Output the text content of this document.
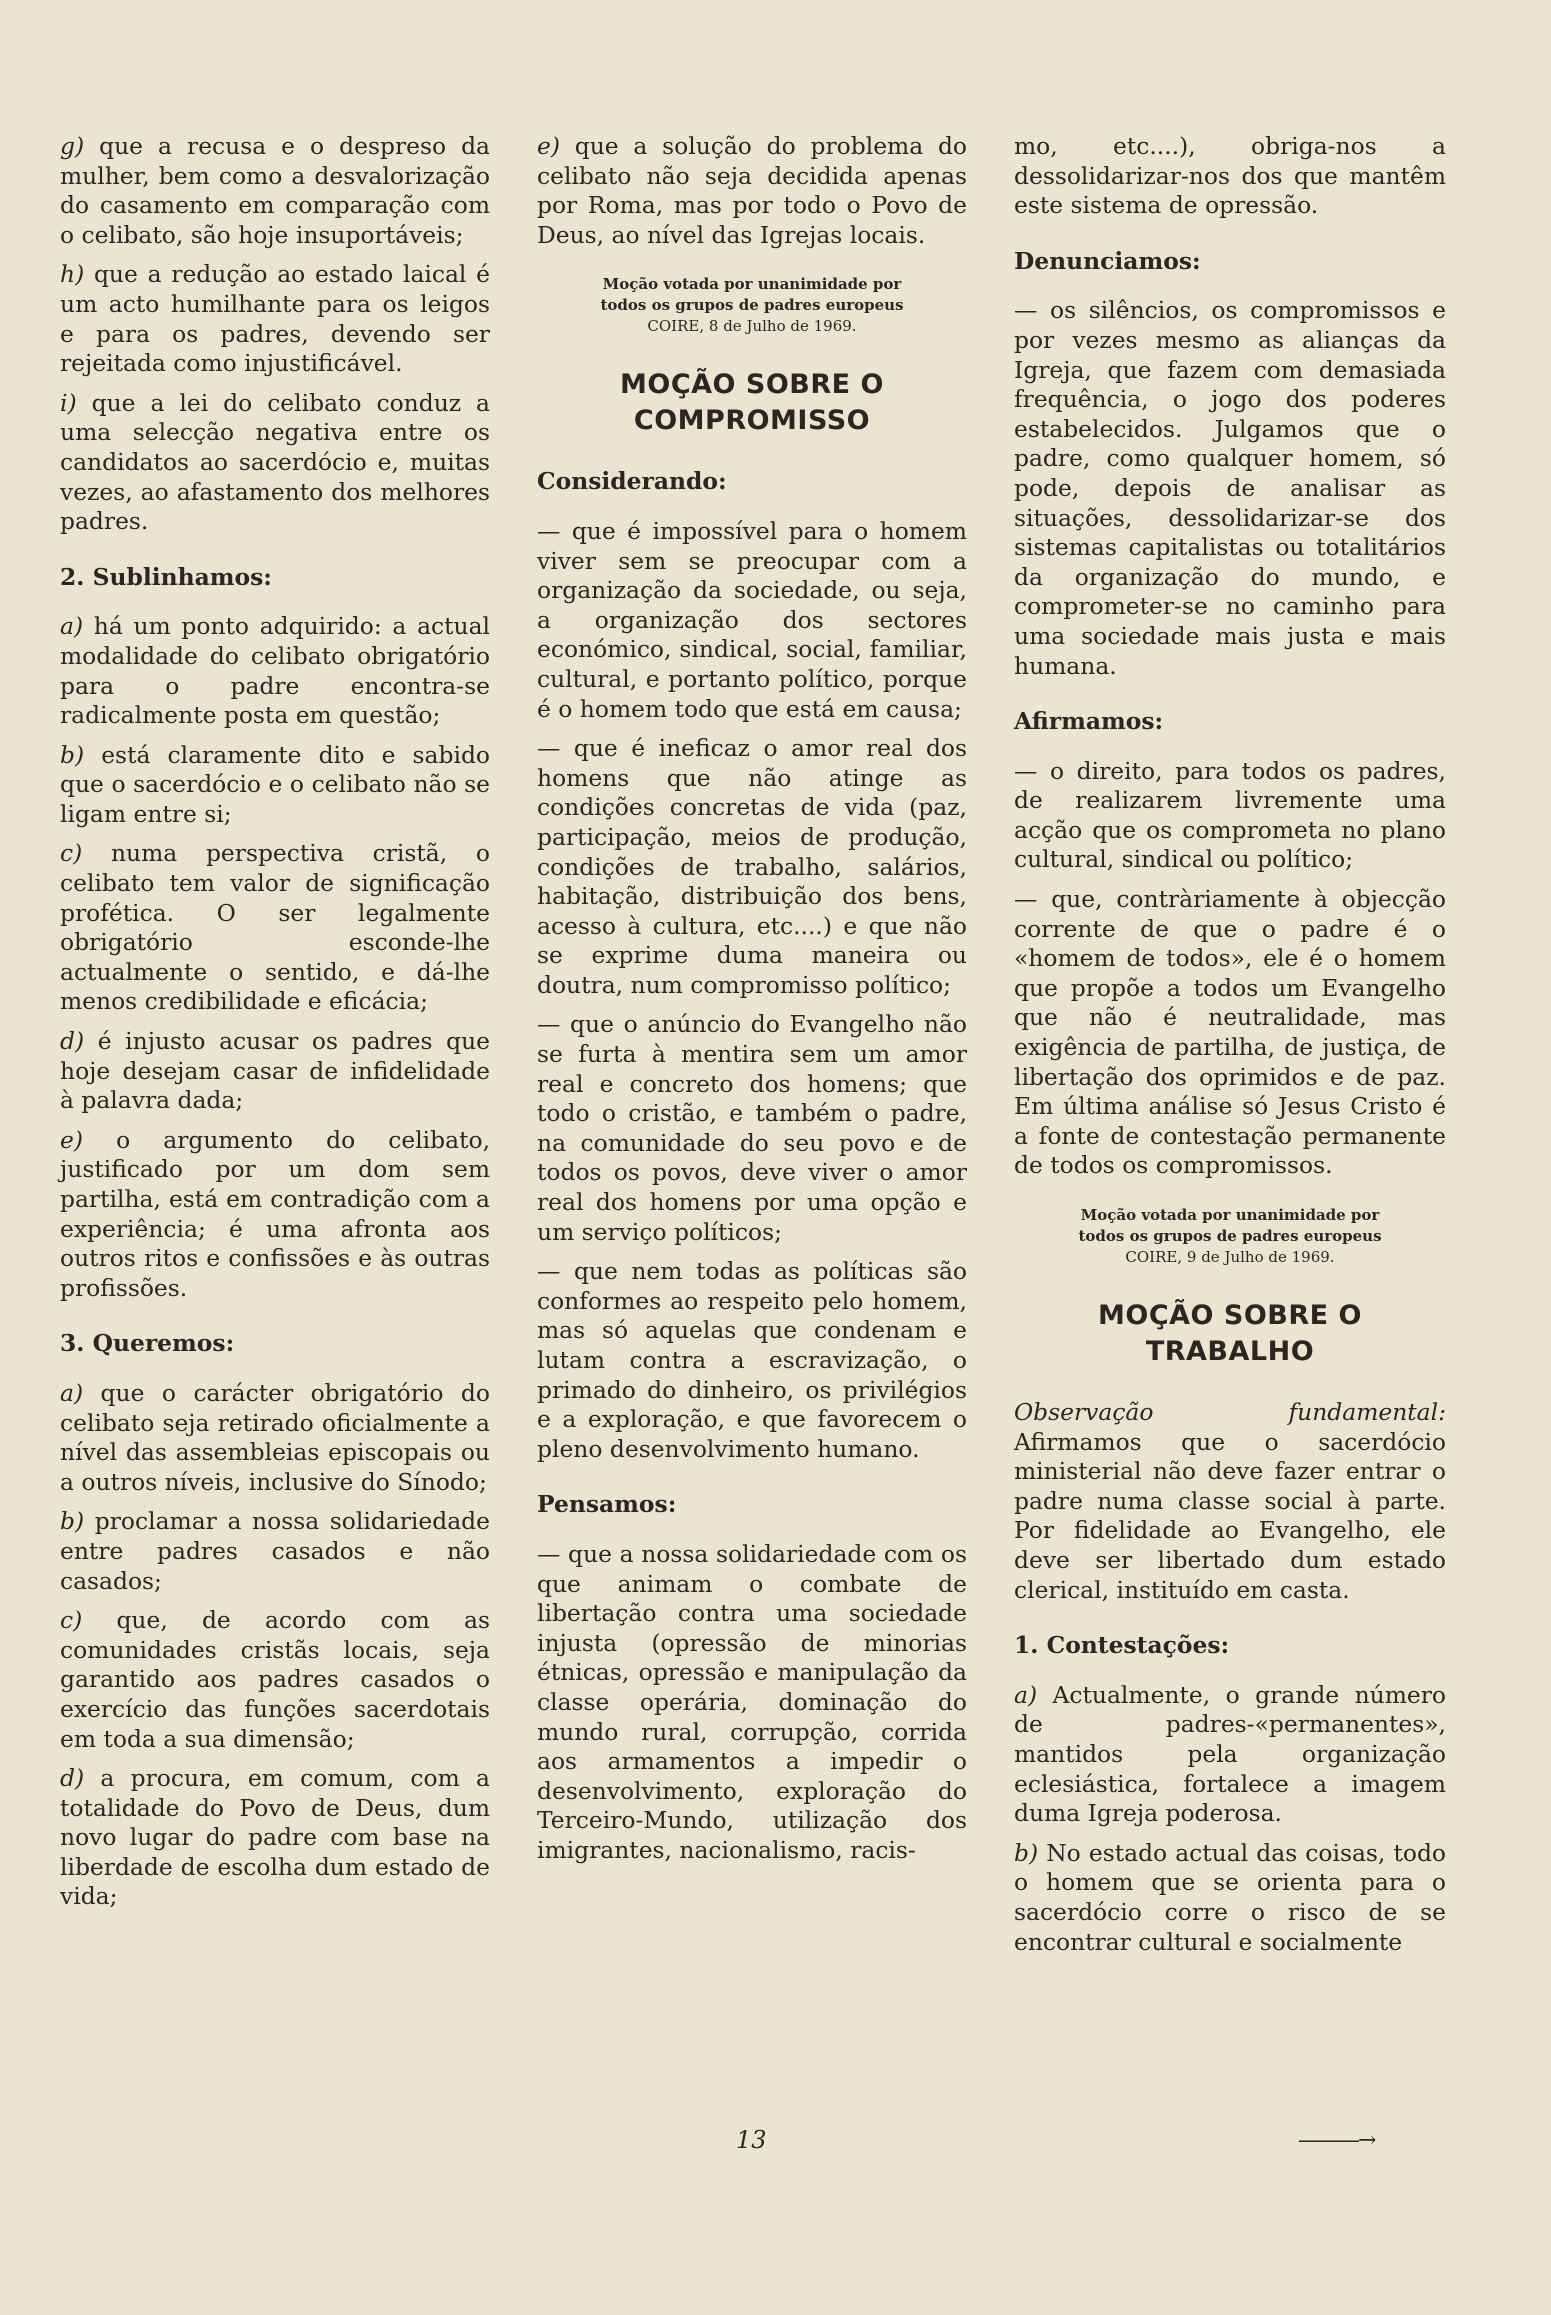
g) que a recusa e o despreso da mulher, bem como a desvalorização do casamento em comparação com o celibato, são hoje insuportáveis;

h) que a redução ao estado laical é um acto humilhante para os leigos e para os padres, devendo ser rejeitada como injustificável.

i) que a lei do celibato conduz a uma selecção negativa entre os candidatos ao sacerdócio e, muitas vezes, ao afastamento dos melhores padres.

2. Sublinhamos:

a) há um ponto adquirido: a actual modalidade do celibato obrigatório para o padre encontra-se radicalmente posta em questão;

b) está claramente dito e sabido que o sacerdócio e o celibato não se ligam entre si;

c) numa perspectiva cristã, o celibato tem valor de significação profética. O ser legalmente obrigatório esconde-lhe actualmente o sentido, e dá-lhe menos credibilidade e eficácia;

d) é injusto acusar os padres que hoje desejam casar de infidelidade à palavra dada;

e) o argumento do celibato, justificado por um dom sem partilha, está em contradição com a experiência; é uma afronta aos outros ritos e confissões e às outras profissões.

3. Queremos:

a) que o carácter obrigatório do celibato seja retirado oficialmente a nível das assembleias episcopais ou a outros níveis, inclusive do Sínodo;

b) proclamar a nossa solidariedade entre padres casados e não casados;

c) que, de acordo com as comunidades cristãs locais, seja garantido aos padres casados o exercício das funções sacerdotais em toda a sua dimensão;

d) a procura, em comum, com a totalidade do Povo de Deus, dum novo lugar do padre com base na liberdade de escolha dum estado de vida;

e) que a solução do problema do celibato não seja decidida apenas por Roma, mas por todo o Povo de Deus, ao nível das Igrejas locais.

Moção votada por unanimidade por
todos os grupos de padres europeus
COIRE, 8 de Julho de 1969.
MOÇÃO SOBRE O COMPROMISSO

Considerando:

— que é impossível para o homem viver sem se preocupar com a organização da sociedade, ou seja, a organização dos sectores económico, sindical, social, familiar, cultural, e portanto político, porque é o homem todo que está em causa;

— que é ineficaz o amor real dos homens que não atinge as condições concretas de vida (paz, participação, meios de produção, condições de trabalho, salários, habitação, distribuição dos bens, acesso à cultura, etc....) e que não se exprime duma maneira ou doutra, num compromisso político;

— que o anúncio do Evangelho não se furta à mentira sem um amor real e concreto dos homens; que todo o cristão, e também o padre, na comunidade do seu povo e de todos os povos, deve viver o amor real dos homens por uma opção e um serviço políticos;

— que nem todas as políticas são conformes ao respeito pelo homem, mas só aquelas que condenam e lutam contra a escravização, o primado do dinheiro, os privilégios e a exploração, e que favorecem o pleno desenvolvimento humano.

Pensamos:

— que a nossa solidariedade com os que animam o combate de libertação contra uma sociedade injusta (opressão de minorias étnicas, opressão e manipulação da classe operária, dominação do mundo rural, corrupção, corrida aos armamentos a impedir o desenvolvimento, exploração do Terceiro-Mundo, utilização dos imigrantes, nacionalismo, racis-

mo, etc....), obriga-nos a dessolidarizar-nos dos que mantêm este sistema de opressão.

Denunciamos:

— os silêncios, os compromissos e por vezes mesmo as alianças da Igreja, que fazem com demasiada frequência, o jogo dos poderes estabelecidos. Julgamos que o padre, como qualquer homem, só pode, depois de analisar as situações, dessolidarizar-se dos sistemas capitalistas ou totalitários da organização do mundo, e comprometer-se no caminho para uma sociedade mais justa e mais humana.

Afirmamos:

— o direito, para todos os padres, de realizarem livremente uma acção que os comprometa no plano cultural, sindical ou político;

— que, contràriamente à objecção corrente de que o padre é o «homem de todos», ele é o homem que propõe a todos um Evangelho que não é neutralidade, mas exigência de partilha, de justiça, de libertação dos oprimidos e de paz. Em última análise só Jesus Cristo é a fonte de contestação permanente de todos os compromissos.

Moção votada por unanimidade por
todos os grupos de padres europeus
COIRE, 9 de Julho de 1969.
MOÇÃO SOBRE O TRABALHO

Observação fundamental: Afirmamos que o sacerdócio ministerial não deve fazer entrar o padre numa classe social à parte. Por fidelidade ao Evangelho, ele deve ser libertado dum estado clerical, instituído em casta.

1. Contestações:

a) Actualmente, o grande número de padres-«permanentes», mantidos pela organização eclesiástica, fortalece a imagem duma Igreja poderosa.

b) No estado actual das coisas, todo o homem que se orienta para o sacerdócio corre o risco de se encontrar cultural e socialmente

13	———→
